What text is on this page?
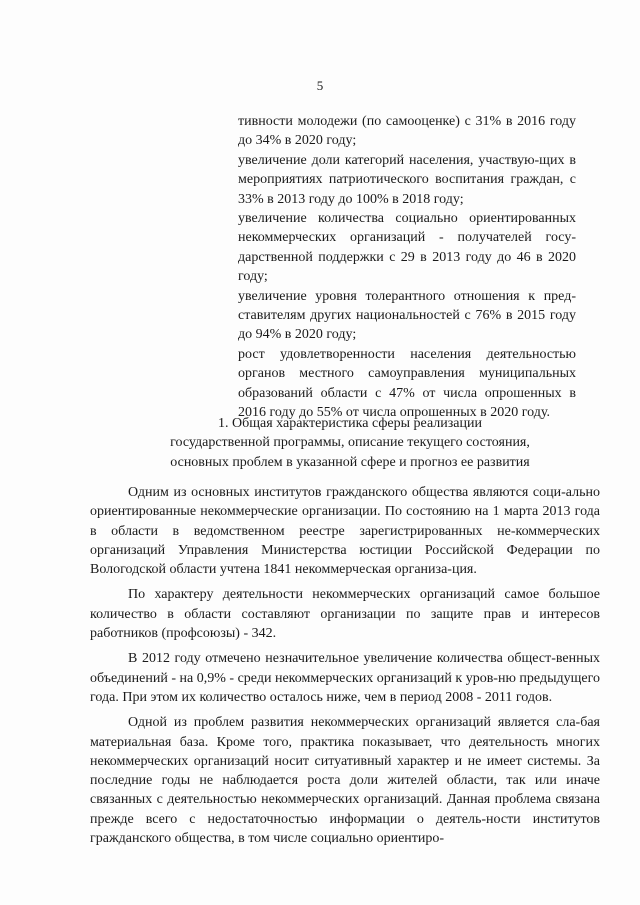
5

тивности молодежи (по самооценке) с 31% в 2016 году до 34% в 2020 году;

увеличение доли категорий населения, участвую-щих в мероприятиях патриотического воспитания граждан, с 33% в 2013 году до 100% в 2018 году;

увеличение количества социально ориентированных некоммерческих организаций - получателей госу-дарственной поддержки с 29 в 2013 году до 46 в 2020 году;

увеличение уровня толерантного отношения к пред-ставителям других национальностей с 76% в 2015 году до 94% в 2020 году;

рост удовлетворенности населения деятельностью органов местного самоуправления муниципальных образований области с 47% от числа опрошенных в 2016 году до 55% от числа опрошенных в 2020 году.

1. Общая характеристика сферы реализации
государственной программы, описание текущего состояния,
основных проблем в указанной сфере и прогноз ее развития

Одним из основных институтов гражданского общества являются соци-ально ориентированные некоммерческие организации. По состоянию на 1 марта 2013 года в области в ведомственном реестре зарегистрированных не-коммерческих организаций Управления Министерства юстиции Российской Федерации по Вологодской области учтена 1841 некоммерческая организа-ция.

По характеру деятельности некоммерческих организаций самое большое количество в области составляют организации по защите прав и интересов работников (профсоюзы) - 342.

В 2012 году отмечено незначительное увеличение количества общест-венных объединений - на 0,9% - среди некоммерческих организаций к уров-ню предыдущего года. При этом их количество осталось ниже, чем в период 2008 - 2011 годов.

Одной из проблем развития некоммерческих организаций является сла-бая материальная база. Кроме того, практика показывает, что деятельность многих некоммерческих организаций носит ситуативный характер и не имеет системы. За последние годы не наблюдается роста доли жителей области, так или иначе связанных с деятельностью некоммерческих организаций. Данная проблема связана прежде всего с недостаточностью информации о деятель-ности институтов гражданского общества, в том числе социально ориентиро-
